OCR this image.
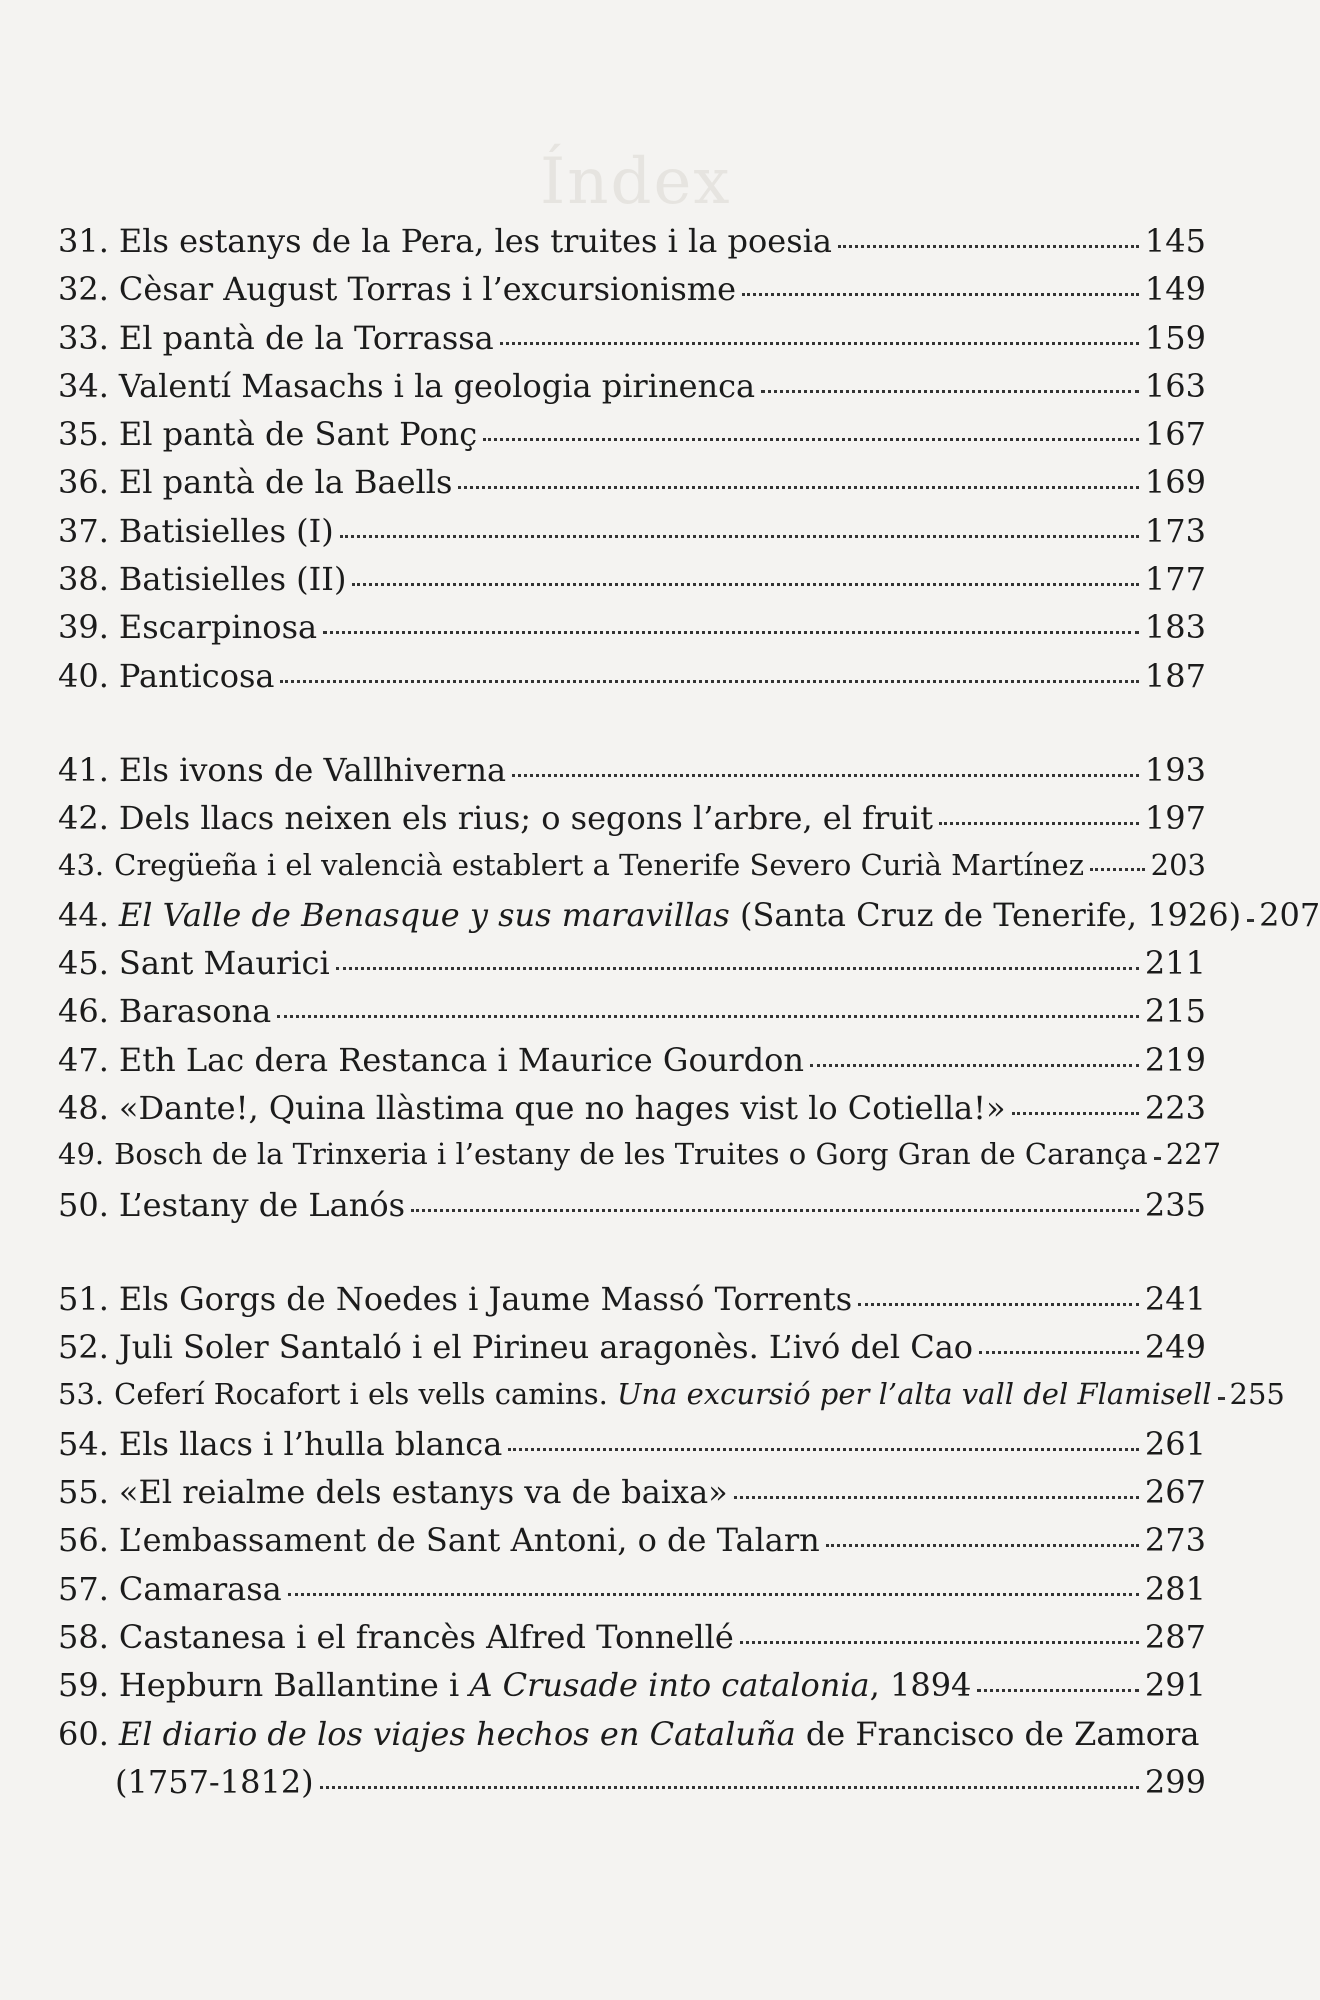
Índex
31. Els estanys de la Pera, les truites i la poesia	145
32. Cèsar August Torras i l’excursionisme	149
33. El pantà de la Torrassa	159
34. Valentí Masachs i la geologia pirinenca	163
35. El pantà de Sant Ponç	167
36. El pantà de la Baells	169
37. Batisielles (I)	173
38. Batisielles (II)	177
39. Escarpinosa	183
40. Panticosa	187
41. Els ivons de Vallhiverna	193
42. Dels llacs neixen els rius; o segons l’arbre, el fruit	197
43. Cregüeña i el valencià establert a Tenerife Severo Curià Martínez 203
44. El Valle de Benasque y sus maravillas (Santa Cruz de Tenerife, 1926) 207
45. Sant Maurici	211
46. Barasona	215
47. Eth Lac dera Restanca i Maurice Gourdon	219
48. «Dante!, Quina llàstima que no hages vist lo Cotiella!»	223
49. Bosch de la Trinxeria i l’estany de les Truites o Gorg Gran de Carança 227
50. L’estany de Lanós	235
51. Els Gorgs de Noedes i Jaume Massó Torrents	241
52. Juli Soler Santaló i el Pirineu aragonès. L’ivó del Cao	249
53. Ceferí Rocafort i els vells camins. Una excursió per l’alta vall del Flamisell 255
54. Els llacs i l’hulla blanca	261
55. «El reialme dels estanys va de baixa»	267
56. L’embassament de Sant Antoni, o de Talarn	273
57. Camarasa	281
58. Castanesa i el francès Alfred Tonnellé	287
59. Hepburn Ballantine i A Crusade into catalonia, 1894	291
60. El diario de los viajes hechos en Cataluña de Francisco de Zamora
(1757-1812)	299
